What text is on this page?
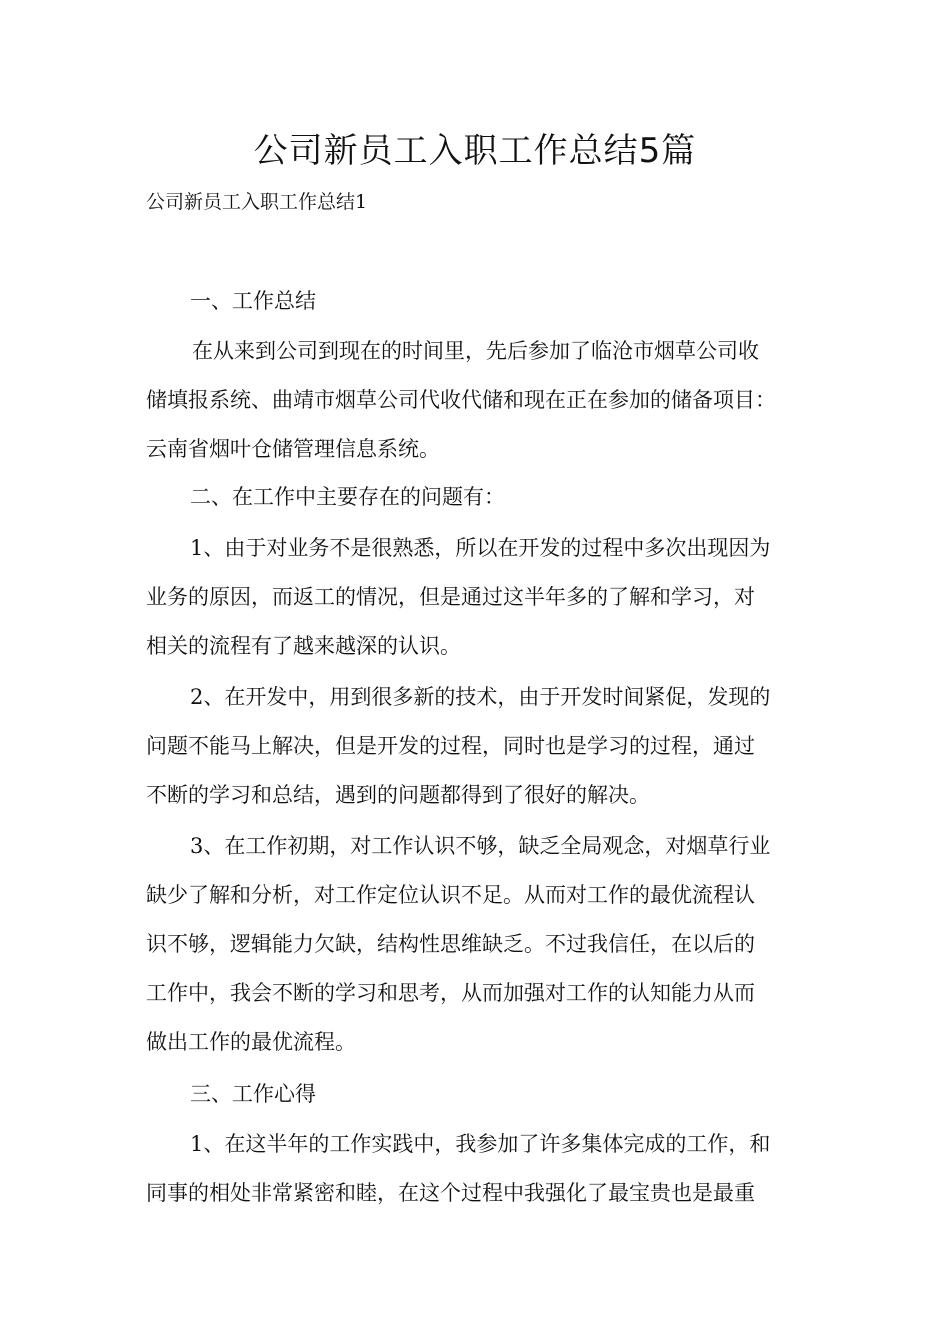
公司新员工入职工作总结5篇

公司新员工入职工作总结1

一、工作总结

在从来到公司到现在的时间里，先后参加了临沧市烟草公司收
储填报系统、曲靖市烟草公司代收代储和现在正在参加的储备项目：
云南省烟叶仓储管理信息系统。

二、在工作中主要存在的问题有：

1、由于对业务不是很熟悉，所以在开发的过程中多次出现因为
业务的原因，而返工的情况，但是通过这半年多的了解和学习，对
相关的流程有了越来越深的认识。
2、在开发中，用到很多新的技术，由于开发时间紧促，发现的
问题不能马上解决，但是开发的过程，同时也是学习的过程，通过
不断的学习和总结，遇到的问题都得到了很好的解决。
3、在工作初期，对工作认识不够，缺乏全局观念，对烟草行业
缺少了解和分析，对工作定位认识不足。从而对工作的最优流程认
识不够，逻辑能力欠缺，结构性思维缺乏。不过我信任，在以后的
工作中，我会不断的学习和思考，从而加强对工作的认知能力从而
做出工作的最优流程。

三、工作心得

1、在这半年的工作实践中，我参加了许多集体完成的工作，和
同事的相处非常紧密和睦，在这个过程中我强化了最宝贵也是最重
